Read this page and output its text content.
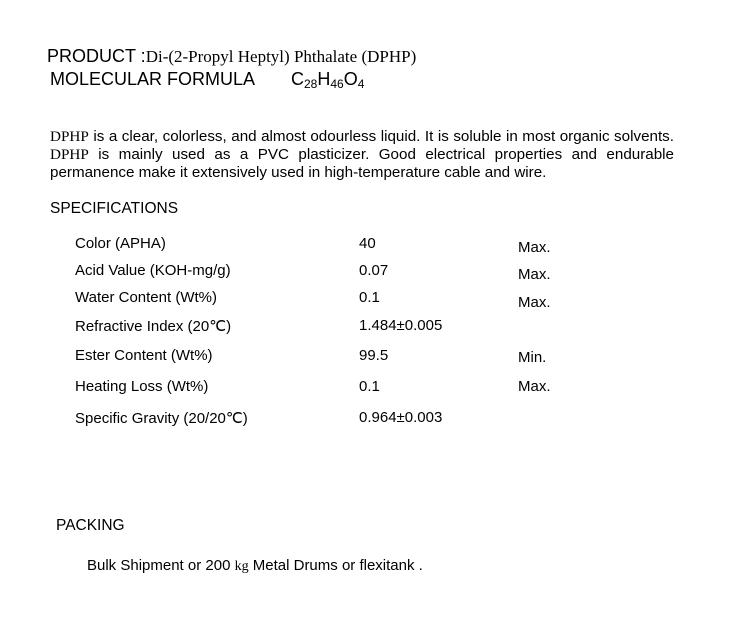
PRODUCT :Di-(2-Propyl Heptyl) Phthalate (DPHP)
MOLECULAR FORMULA $C_{28}H_{46}O_4$
DPHP is a clear, colorless, and almost odourless liquid. It is soluble in most organic solvents. DPHP is mainly used as a PVC plasticizer. Good electrical properties and endurable permanence make it extensively used in high-temperature cable and wire.
SPECIFICATIONS
Color (APHA)	40	Max.
Acid Value (KOH-mg/g)	0.07	Max.
Water Content (Wt%)	0.1	Max.
Refractive Index (20℃)	1.484±0.005
Ester Content (Wt%)	99.5	Min.
Heating Loss (Wt%)	0.1	Max.
Specific Gravity (20/20℃)	0.964±0.003
PACKING
Bulk Shipment or 200 kg Metal Drums or flexitank .
